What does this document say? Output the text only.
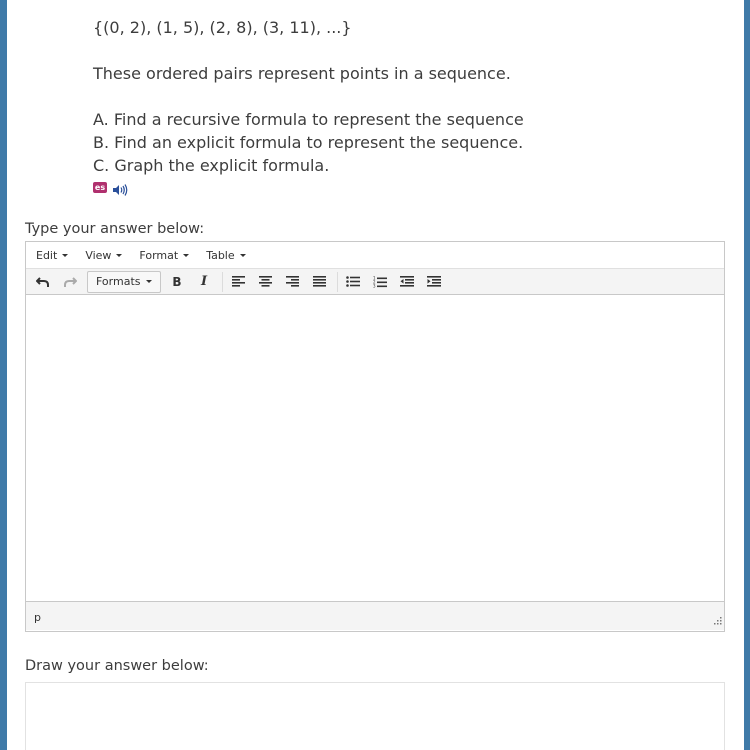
{(0, 2), (1, 5), (2, 8), (3, 11), ...}
These ordered pairs represent points in a sequence.
A. Find a recursive formula to represent the sequence
B. Find an explicit formula to represent the sequence.
C. Graph the explicit formula.
es
Type your answer below:
Edit	View	Format	Table
Formats	B I	1
2
3
p
Draw your answer below:
